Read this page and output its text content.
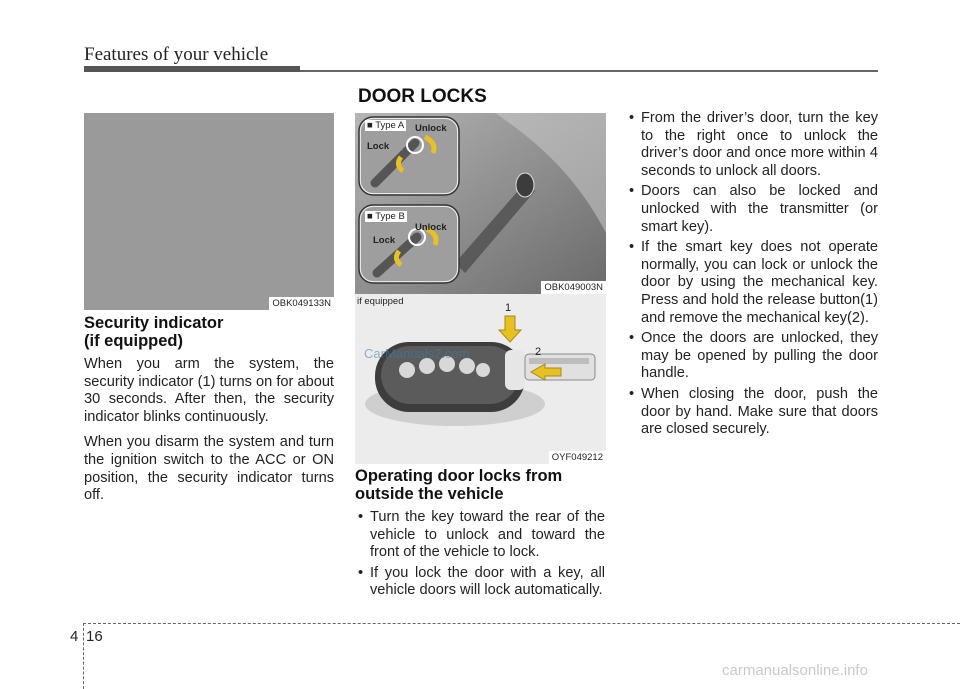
Features of your vehicle
DOOR LOCKS
OBK049133N
Security indicator
(if equipped)

When you arm the system, the security indicator (1) turns on for about 30 seconds. After then, the security indicator blinks continuously.

When you disarm the system and turn the ignition switch to the ACC or ON position, the security indicator turns off.

■ Type A Unlock
Lock
■ Type B
Unlock
Lock
OBK049003N
if equipped
1
2
OYF049212
Operating door locks from
outside the vehicle
• Turn the key toward the rear of the vehicle to unlock and toward the front of the vehicle to lock.
• If you lock the door with a key, all vehicle doors will lock automatically.
• From the driver’s door, turn the key to the right once to unlock the driver’s door and once more within 4 seconds to unlock all doors.
• Doors can also be locked and unlocked with the transmitter (or smart key).
• If the smart key does not operate normally, you can lock or unlock the door by using the mechanical key. Press and hold the release button(1) and remove the mechanical key(2).
• Once the doors are unlocked, they may be opened by pulling the door handle.
• When closing the door, push the door by hand. Make sure that doors are closed securely.
CarManuals2.com
carmanualsonline.info
4 16
